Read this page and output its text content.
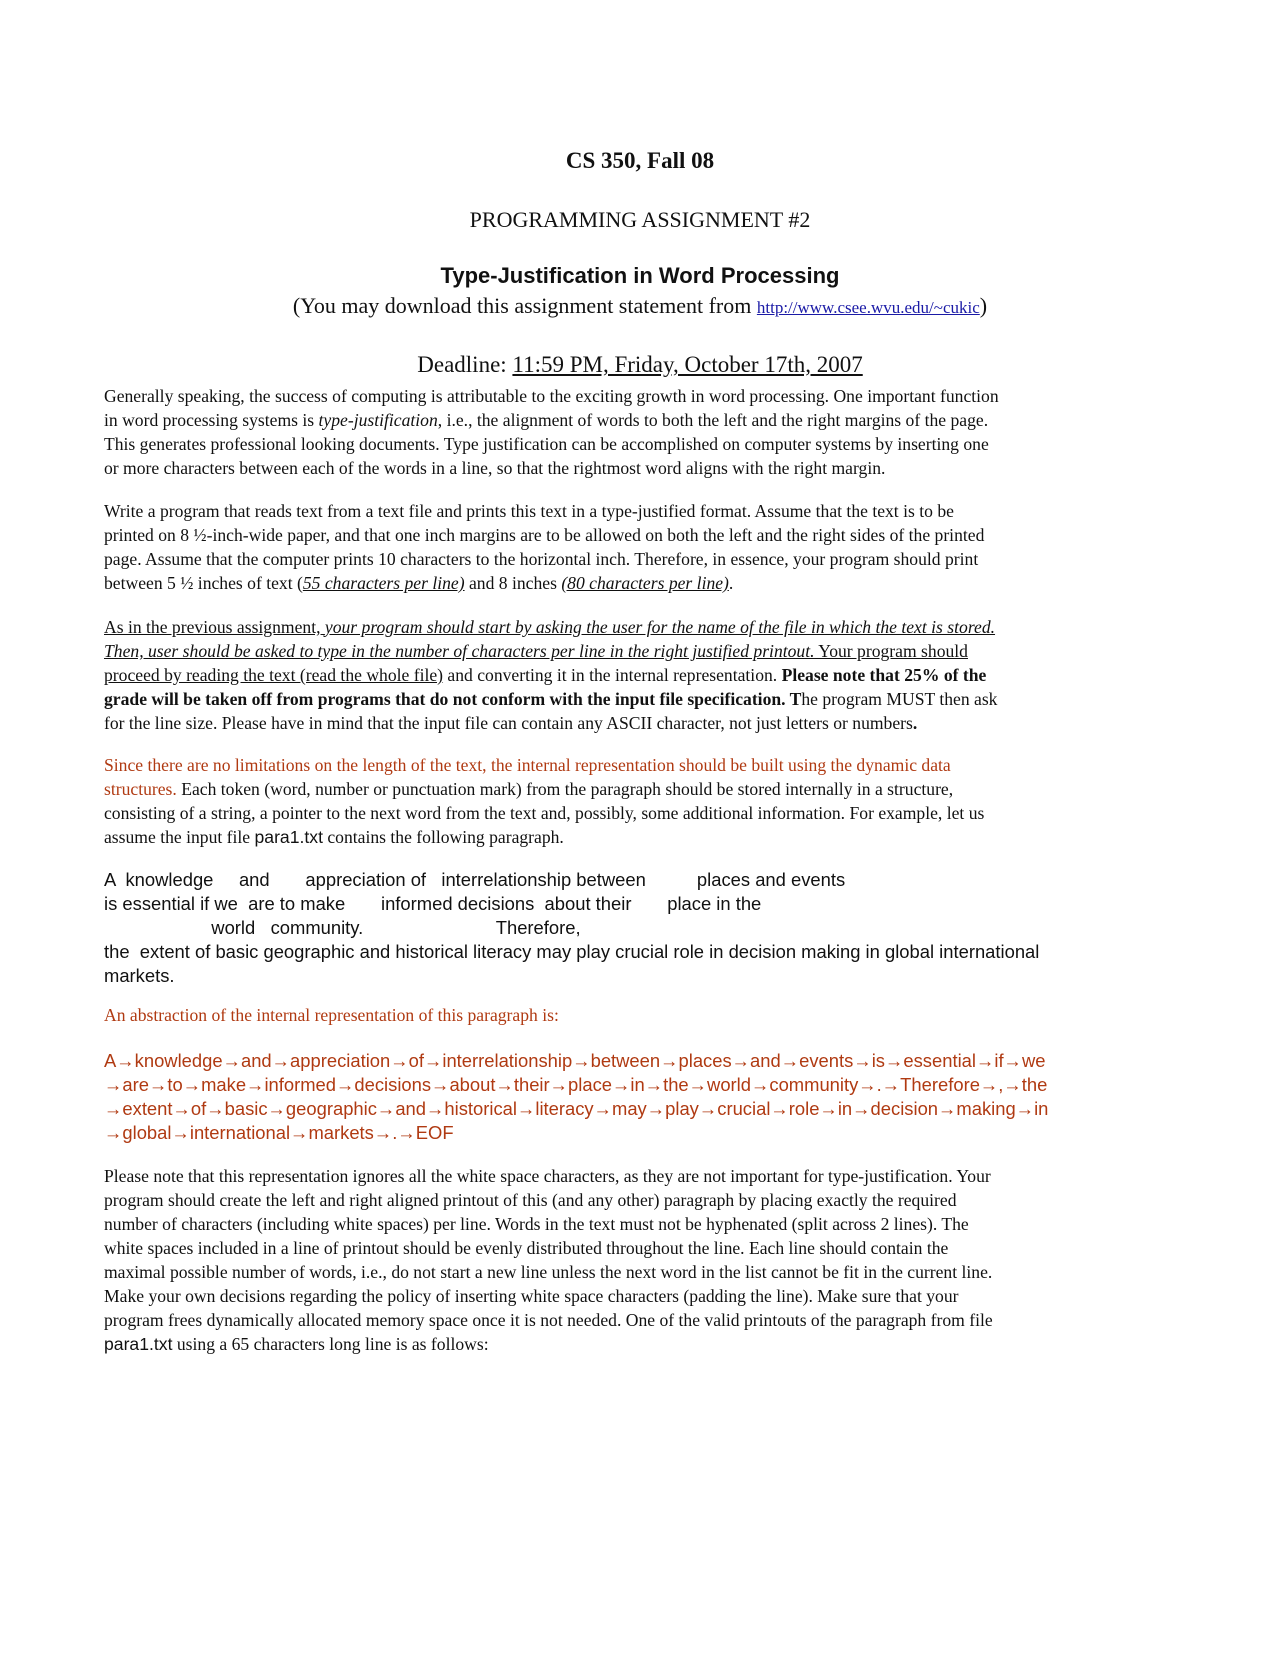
CS 350, Fall 08
PROGRAMMING ASSIGNMENT #2
Type-Justification in Word Processing
(You may download this assignment statement from http://www.csee.wvu.edu/~cukic)
Deadline: 11:59 PM, Friday, October 17th, 2007
Generally speaking, the success of computing is attributable to the exciting growth in word processing. One important function
in word processing systems is type-justification, i.e., the alignment of words to both the left and the right margins of the page.
This generates professional looking documents. Type justification can be accomplished on computer systems by inserting one
or more characters between each of the words in a line, so that the rightmost word aligns with the right margin.
Write a program that reads text from a text file and prints this text in a type-justified format. Assume that the text is to be
printed on 8 ½-inch-wide paper, and that one inch margins are to be allowed on both the left and the right sides of the printed
page. Assume that the computer prints 10 characters to the horizontal inch. Therefore, in essence, your program should print
between 5 ½ inches of text (55 characters per line) and 8 inches (80 characters per line).
As in the previous assignment, your program should start by asking the user for the name of the file in which the text is stored.
Then, user should be asked to type in the number of characters per line in the right justified printout. Your program should
proceed by reading the text (read the whole file) and converting it in the internal representation. Please note that 25% of the
grade will be taken off from programs that do not conform with the input file specification. The program MUST then ask
for the line size. Please have in mind that the input file can contain any ASCII character, not just letters or numbers.
Since there are no limitations on the length of the text, the internal representation should be built using the dynamic data
structures. Each token (word, number or punctuation mark) from the paragraph should be stored internally in a structure,
consisting of a string, a pointer to the next word from the text and, possibly, some additional information. For example, let us
assume the input file para1.txt contains the following paragraph.
A  knowledge     and       appreciation of   interrelationship between          places and events
is essential if we  are to make       informed decisions  about their       place in the
world   community.                          Therefore,
the  extent of basic geographic and historical literacy may play crucial role in decision making in global international
markets.
An abstraction of the internal representation of this paragraph is:
A→knowledge→and→appreciation→of→interrelationship→between→places→and→events→is→essential→if→we
→are→to→make→informed→decisions→about→their→place→in→the→world→community→.→Therefore→,→the
→extent→of→basic→geographic→and→historical→literacy→may→play→crucial→role→in→decision→making→in
→global→international→markets→.→EOF
Please note that this representation ignores all the white space characters, as they are not important for type-justification. Your
program should create the left and right aligned printout of this (and any other) paragraph by placing exactly the required
number of characters (including white spaces) per line. Words in the text must not be hyphenated (split across 2 lines). The
white spaces included in a line of printout should be evenly distributed throughout the line. Each line should contain the
maximal possible number of words, i.e., do not start a new line unless the next word in the list cannot be fit in the current line.
Make your own decisions regarding the policy of inserting white space characters (padding the line). Make sure that your
program frees dynamically allocated memory space once it is not needed. One of the valid printouts of the paragraph from file
para1.txt using a 65 characters long line is as follows:
